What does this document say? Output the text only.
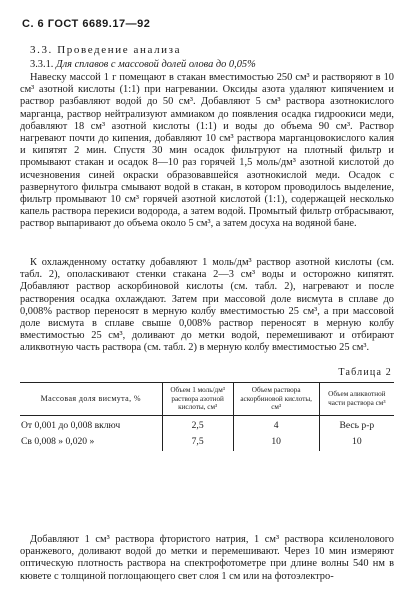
С. 6 ГОСТ 6689.17—92
3.3. Проведение анализа
3.3.1. Для сплавов с массовой долей олова до 0,05%

Навеску массой 1 г помещают в стакан вместимостью 250 см³ и растворяют в 10 см³ азотной кислоты (1:1) при нагревании. Оксиды азота удаляют кипячением и раствор разбавляют водой до 50 см³. Добавляют 5 см³ раствора азотнокислого марганца, раствор нейтрализуют аммиаком до появления осадка гидроокиси меди, добавляют 18 см³ азотной кислоты (1:1) и воды до объема 90 см³. Раствор нагревают почти до кипения, добавляют 10 см³ раствора марганцовокислого калия и кипятят 2 мин. Спустя 30 мин осадок фильтруют на плотный фильтр и промывают стакан и осадок 8—10 раз горячей 1,5 моль/дм³ азотной кислотой до исчезновения синей окраски образовавшейся азотнокислой меди. Осадок с развернутого фильтра смывают водой в стакан, в котором проводилось выделение, фильтр промывают 10 см³ горячей азотной кислотой (1:1), содержащей несколько капель раствора перекиси водорода, а затем водой. Промытый фильтр отбрасывают, раствор выпаривают до объема около 5 см³, а затем досуха на водяной бане.

К охлажденному остатку добавляют 1 моль/дм³ раствор азотной кислоты (см. табл. 2), ополаскивают стенки стакана 2—3 см³ воды и осторожно кипятят. Добавляют раствор аскорбиновой кислоты (см. табл. 2), нагревают и после растворения осадка охлаждают. Затем при массовой доле висмута в сплаве до 0,008% раствор переносят в мерную колбу вместимостью 25 см³, а при массовой доле висмута в сплаве свыше 0,008% раствор переносят в мерную колбу вместимостью 25 см³, доливают до метки водой, перемешивают и отбирают аликвотную часть раствора (см. табл. 2) в мерную колбу вместимостью 25 см³.

Таблица 2
Массовая доля висмута, %	Объем 1 моль/дм³ раствора азотной кислоты, см³	Объем раствора аскорбиновой кислоты, см³	Объем аликвотной части раствора см³
От 0,001 до 0,008 включ	2,5	4	Весь р-р
Св 0,008 » 0,020 »	7,5	10	10

Добавляют 1 см³ раствора фтористого натрия, 1 см³ раствора ксиленолового оранжевого, доливают водой до метки и перемешивают. Через 10 мин измеряют оптическую плотность раствора на спектрофотометре при длине волны 540 нм в кювете с толщиной поглощающего свет слоя 1 см или на фотоэлектро-
